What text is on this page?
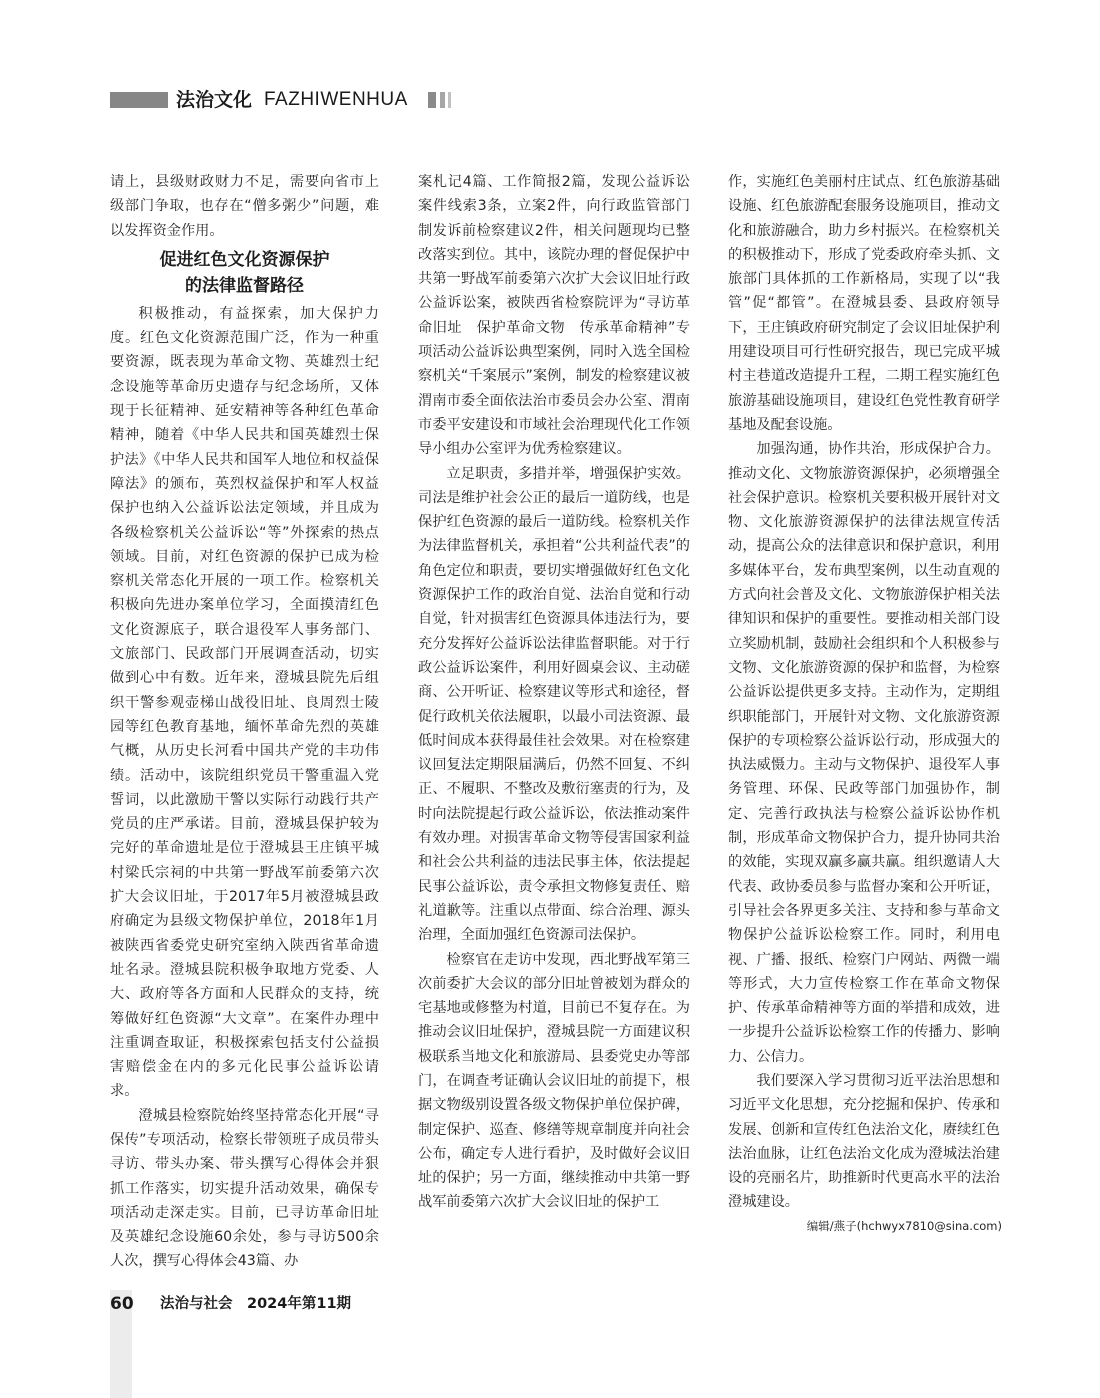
法治文化 FAZHIWENHUA

请上，县级财政财力不足，需要向省市上级部门争取，也存在“僧多粥少”问题，难以发挥资金作用。

促进红色文化资源保护
的法律监督路径

积极推动，有益探索，加大保护力度。红色文化资源范围广泛，作为一种重要资源，既表现为革命文物、英雄烈士纪念设施等革命历史遗存与纪念场所，又体现于长征精神、延安精神等各种红色革命精神，随着《中华人民共和国英雄烈士保护法》《中华人民共和国军人地位和权益保障法》的颁布，英烈权益保护和军人权益保护也纳入公益诉讼法定领域，并且成为各级检察机关公益诉讼“等”外探索的热点领域。目前，对红色资源的保护已成为检察机关常态化开展的一项工作。检察机关积极向先进办案单位学习，全面摸清红色文化资源底子，联合退役军人事务部门、文旅部门、民政部门开展调查活动，切实做到心中有数。近年来，澄城县院先后组织干警参观壶梯山战役旧址、良周烈士陵园等红色教育基地，缅怀革命先烈的英雄气概，从历史长河看中国共产党的丰功伟绩。活动中，该院组织党员干警重温入党誓词，以此激励干警以实际行动践行共产党员的庄严承诺。目前，澄城县保护较为完好的革命遗址是位于澄城县王庄镇平城村梁氏宗祠的中共第一野战军前委第六次扩大会议旧址，于2017年5月被澄城县政府确定为县级文物保护单位，2018年1月被陕西省委党史研究室纳入陕西省革命遗址名录。澄城县院积极争取地方党委、人大、政府等各方面和人民群众的支持，统筹做好红色资源“大文章”。在案件办理中注重调查取证，积极探索包括支付公益损害赔偿金在内的多元化民事公益诉讼请求。

澄城县检察院始终坚持常态化开展“寻保传”专项活动，检察长带领班子成员带头寻访、带头办案、带头撰写心得体会并狠抓工作落实，切实提升活动效果，确保专项活动走深走实。目前，已寻访革命旧址及英雄纪念设施60余处，参与寻访500余人次，撰写心得体会43篇、办

案札记4篇、工作简报2篇，发现公益诉讼案件线索3条，立案2件，向行政监管部门制发诉前检察建议2件，相关问题现均已整改落实到位。其中，该院办理的督促保护中共第一野战军前委第六次扩大会议旧址行政公益诉讼案，被陕西省检察院评为“寻访革命旧址　保护革命文物　传承革命精神”专项活动公益诉讼典型案例，同时入选全国检察机关“千案展示”案例，制发的检察建议被渭南市委全面依法治市委员会办公室、渭南市委平安建设和市域社会治理现代化工作领导小组办公室评为优秀检察建议。

立足职责，多措并举，增强保护实效。司法是维护社会公正的最后一道防线，也是保护红色资源的最后一道防线。检察机关作为法律监督机关，承担着“公共利益代表”的角色定位和职责，要切实增强做好红色文化资源保护工作的政治自觉、法治自觉和行动自觉，针对损害红色资源具体违法行为，要充分发挥好公益诉讼法律监督职能。对于行政公益诉讼案件，利用好圆桌会议、主动磋商、公开听证、检察建议等形式和途径，督促行政机关依法履职，以最小司法资源、最低时间成本获得最佳社会效果。对在检察建议回复法定期限届满后，仍然不回复、不纠正、不履职、不整改及敷衍塞责的行为，及时向法院提起行政公益诉讼，依法推动案件有效办理。对损害革命文物等侵害国家利益和社会公共利益的违法民事主体，依法提起民事公益诉讼，责令承担文物修复责任、赔礼道歉等。注重以点带面、综合治理、源头治理，全面加强红色资源司法保护。

检察官在走访中发现，西北野战军第三次前委扩大会议的部分旧址曾被划为群众的宅基地或修整为村道，目前已不复存在。为推动会议旧址保护，澄城县院一方面建议积极联系当地文化和旅游局、县委党史办等部门，在调查考证确认会议旧址的前提下，根据文物级别设置各级文物保护单位保护碑，制定保护、巡查、修缮等规章制度并向社会公布，确定专人进行看护，及时做好会议旧址的保护；另一方面，继续推动中共第一野战军前委第六次扩大会议旧址的保护工

作，实施红色美丽村庄试点、红色旅游基础设施、红色旅游配套服务设施项目，推动文化和旅游融合，助力乡村振兴。在检察机关的积极推动下，形成了党委政府牵头抓、文旅部门具体抓的工作新格局，实现了以“我管”促“都管”。在澄城县委、县政府领导下，王庄镇政府研究制定了会议旧址保护利用建设项目可行性研究报告，现已完成平城村主巷道改造提升工程，二期工程实施红色旅游基础设施项目，建设红色党性教育研学基地及配套设施。

加强沟通，协作共治，形成保护合力。推动文化、文物旅游资源保护，必须增强全社会保护意识。检察机关要积极开展针对文物、文化旅游资源保护的法律法规宣传活动，提高公众的法律意识和保护意识，利用多媒体平台，发布典型案例，以生动直观的方式向社会普及文化、文物旅游保护相关法律知识和保护的重要性。要推动相关部门设立奖励机制，鼓励社会组织和个人积极参与文物、文化旅游资源的保护和监督，为检察公益诉讼提供更多支持。主动作为，定期组织职能部门，开展针对文物、文化旅游资源保护的专项检察公益诉讼行动，形成强大的执法威慑力。主动与文物保护、退役军人事务管理、环保、民政等部门加强协作，制定、完善行政执法与检察公益诉讼协作机制，形成革命文物保护合力，提升协同共治的效能，实现双赢多赢共赢。组织邀请人大代表、政协委员参与监督办案和公开听证，引导社会各界更多关注、支持和参与革命文物保护公益诉讼检察工作。同时，利用电视、广播、报纸、检察门户网站、两微一端等形式，大力宣传检察工作在革命文物保护、传承革命精神等方面的举措和成效，进一步提升公益诉讼检察工作的传播力、影响力、公信力。

我们要深入学习贯彻习近平法治思想和习近平文化思想，充分挖掘和保护、传承和发展、创新和宣传红色法治文化，赓续红色法治血脉，让红色法治文化成为澄城法治建设的亮丽名片，助推新时代更高水平的法治澄城建设。

编辑/燕子(hchwyx7810@sina.com)
60 法治与社会　2024年第11期
